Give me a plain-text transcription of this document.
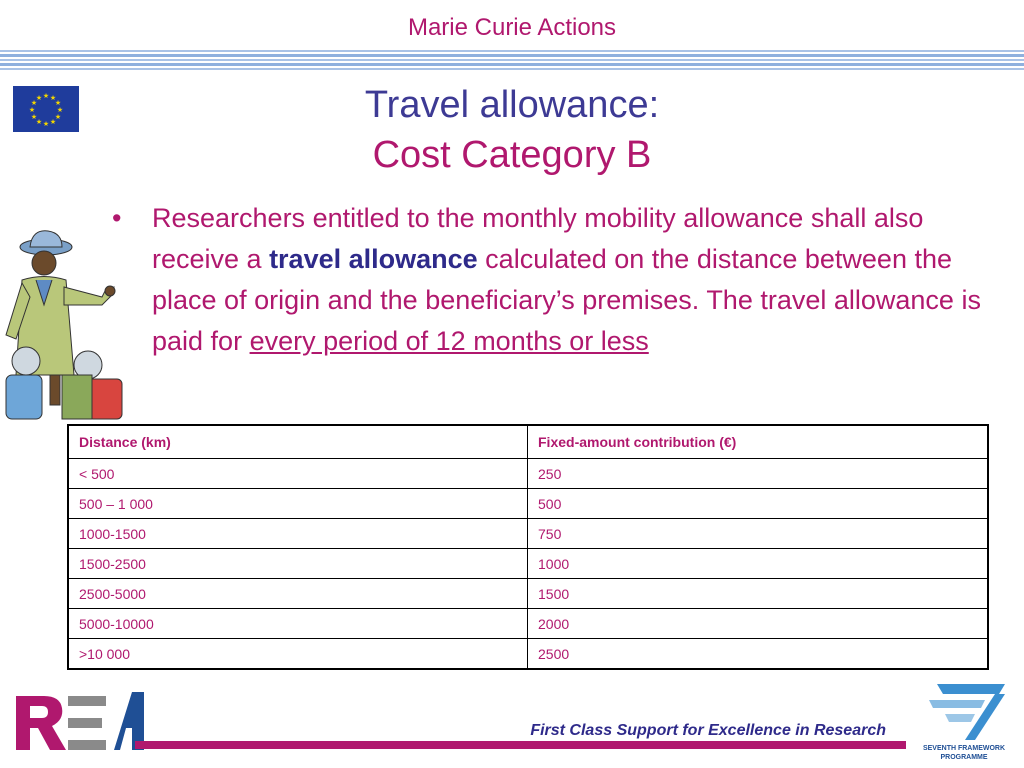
Marie Curie Actions
★ ★
★
★
★
★
★
★
★
★
★
★	Travel allowance:
Cost Category B
• Researchers entitled to the monthly mobility allowance shall also receive a travel allowance calculated on the distance between the place of origin and the beneficiary’s premises. The travel allowance is paid for every period of 12 months or less
Distance (km)	Fixed-amount contribution (€)
< 500	250
500 – 1 000	500
1000-1500	750
1500-2500	1000
2500-5000	1500
5000-10000	2000
>10 000	2500
First Class Support for Excellence in Research
SEVENTH FRAMEWORK
PROGRAMME
